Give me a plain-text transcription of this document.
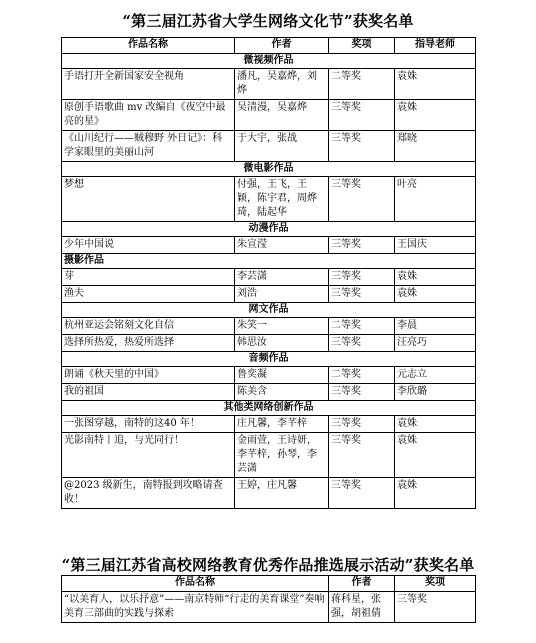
“第三届江苏省大学生网络文化节”获奖名单
作品名称	作者	奖项	指导老师
微视频作品			
手语打开全新国家安全视角	潘凡，吴嘉烨，刘烨	二等奖	袁姝
原创手语歌曲 mv 改编自《夜空中最亮的星》	吴清漫，吴嘉烨	三等奖	袁姝
《山川纪行——贼穆野 外日记》：科学家眼里的美丽山河	于大宇，张战	三等奖	郑晓
微电影作品			
梦想	付强，王飞，王颖，陈宇君，周烨琦，陆起华	三等奖	叶亮
动漫作品			
少年中国说	朱宣滢	三等奖	王国庆
摄影作品			
芽	李芸潇	三等奖	袁姝
渔夫	刘浩	三等奖	袁姝
网文作品			
杭州亚运会铭刻文化自信	朱笑一	二等奖	李晨
选择所热爱，热爱所选择	韩思汝	三等奖	汪亮巧
音频作品			
朗诵《秋天里的中国》	鲁奕凝	二等奖	元志立
我的祖国	陈美含	三等奖	李欣璐
其他类网络创新作品			
一张图穿越，南特的这40 年！	庄凡馨，李芊梓	三等奖	袁姝
光影南特丨追，与光同行！	金雨萱，王诗妍，李芊梓，孙琴，李芸潇	三等奖	袁姝
@2023 级新生，南特报到攻略请查收！	王婷，庄凡馨	三等奖	袁姝
“第三届江苏省高校网络教育优秀作品推选展示活动”获奖名单
作品名称	作者	奖项
“以美育人，以乐抒意”——南京特师“行走的美育课堂”奏响美育三部曲的实践与探索	蒋科星，张强，胡祖倩	三等奖
